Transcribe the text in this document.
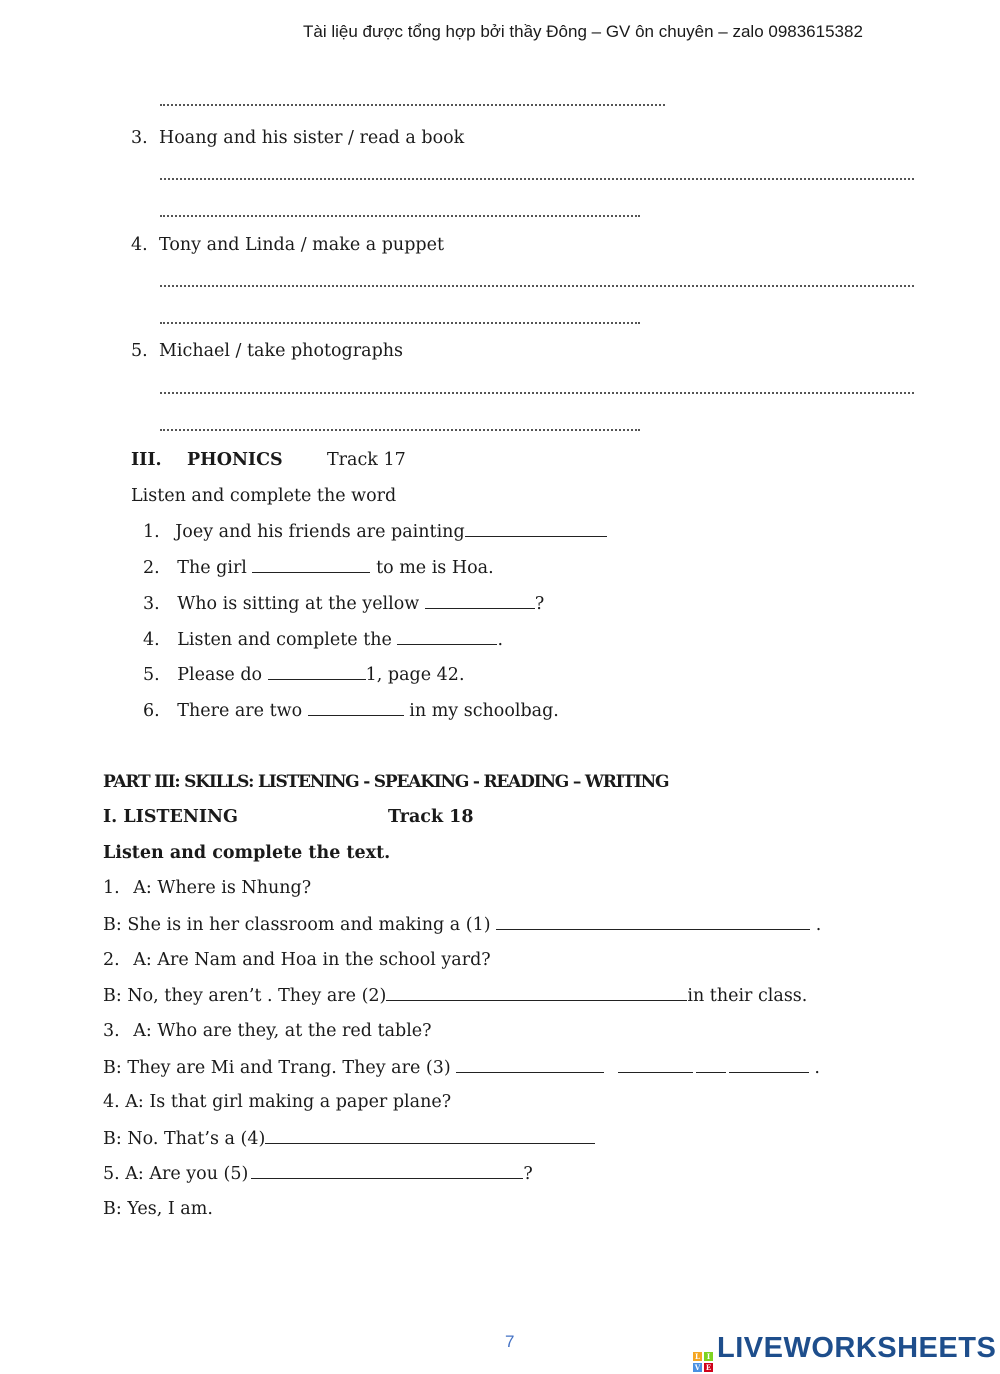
Tài liệu được tổng hợp bởi thầy Đông – GV ôn chuyên – zalo 0983615382
3. Hoang and his sister / read a book
4. Tony and Linda / make a puppet
5. Michael / take photographs
III. PHONICS	Track 17
Listen and complete the word
1. Joey and his friends are painting
2. The girl	to me is Hoa.
3. Who is sitting at the yellow	?
4. Listen and complete the	.
5. Please do	1, page 42.
6. There are two	in my schoolbag.
PART III: SKILLS: LISTENING - SPEAKING - READING – WRITING
I. LISTENING	Track 18
Listen and complete the text.
1. A: Where is Nhung?
B: She is in her classroom and making a (1)	.
2. A: Are Nam and Hoa in the school yard?
B: No, they aren’t . They are (2)	in their class.
3. A: Who are they, at the red table?
B: They are Mi and Trang. They are (3)	.
4. A: Is that girl making a paper plane?
B: No. That’s a (4)
5. A: Are you (5)	?
B: Yes, I am.
7
L I
V E
LIVEWORKSHEETS
